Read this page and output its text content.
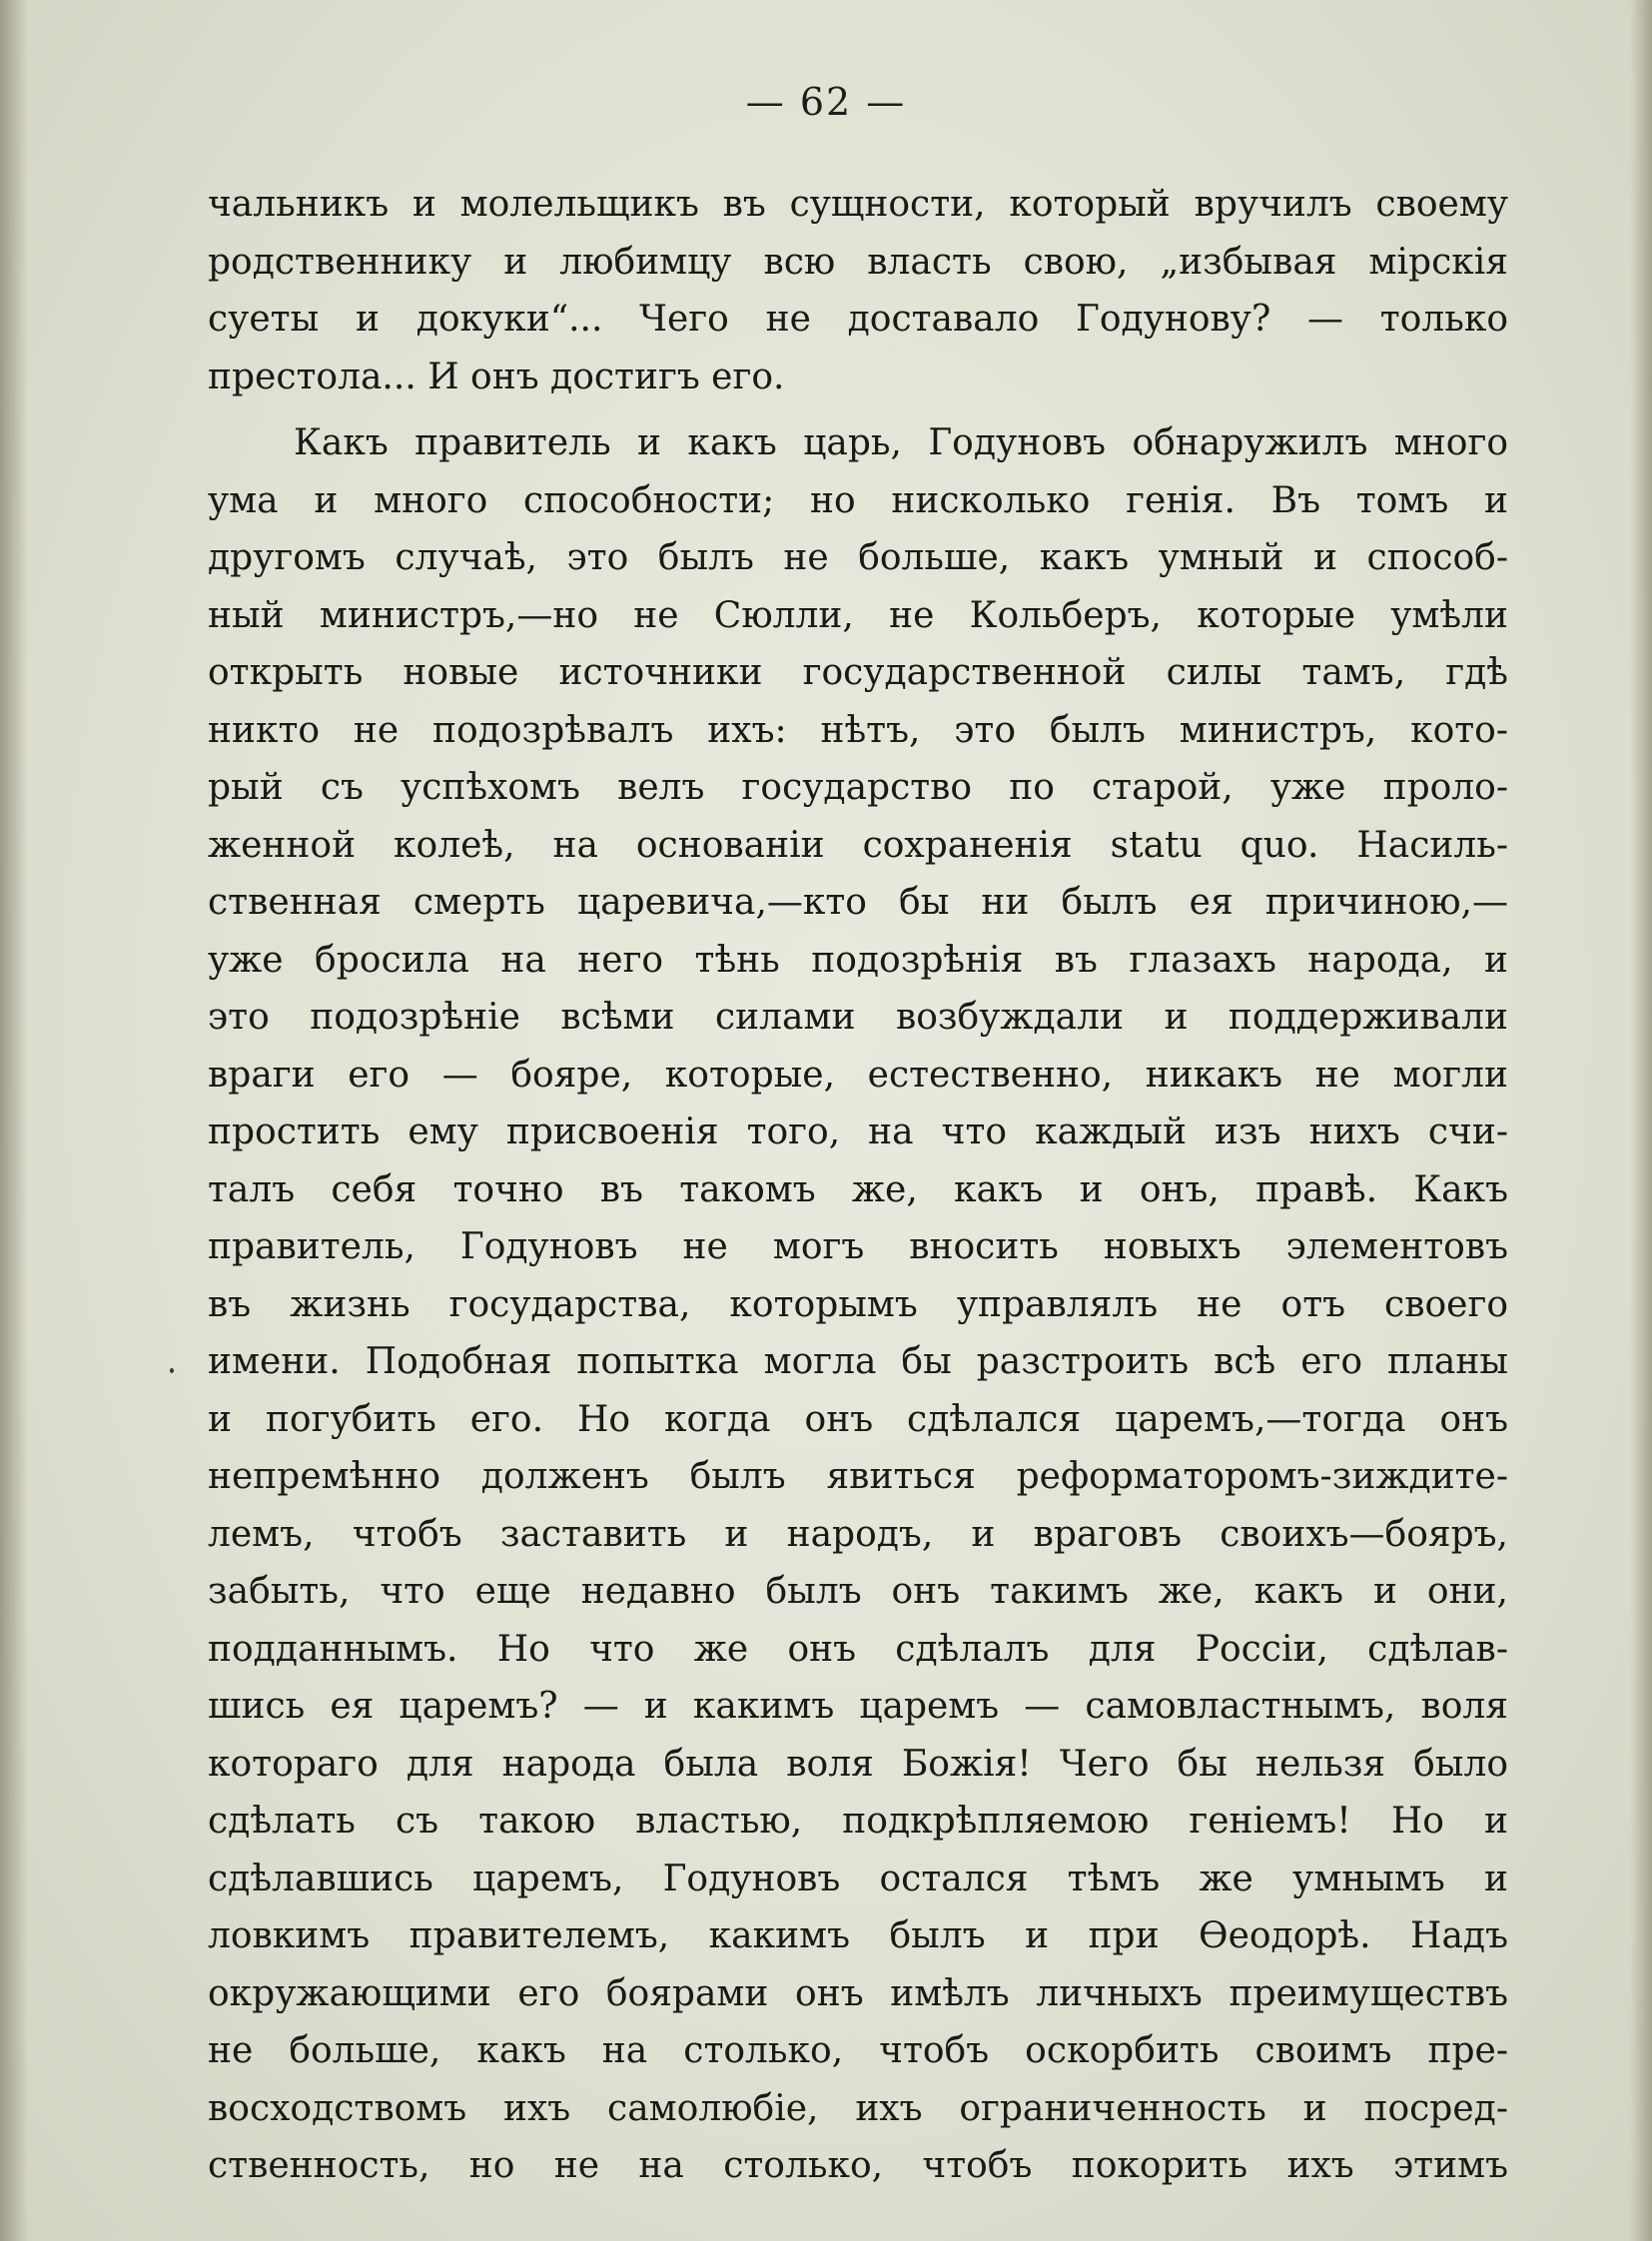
— 62 —
чальникъ и молельщикъ въ сущности, который вручилъ своему
родственнику и любимцу всю власть свою, „избывая мірскія
суеты и докуки“... Чего не доставало Годунову? — только
престола... И онъ достигъ его.
Какъ правитель и какъ царь, Годуновъ обнаружилъ много
ума и много способности; но нисколько генія. Въ томъ и
другомъ случаѣ, это былъ не больше, какъ умный и способ-
ный министръ,—но не Сюлли, не Кольберъ, которые умѣли
открыть новые источники государственной силы тамъ, гдѣ
никто не подозрѣвалъ ихъ: нѣтъ, это былъ министръ, кото-
рый съ успѣхомъ велъ государство по старой, уже проло-
женной колеѣ, на основаніи сохраненія statu quo. Насиль-
ственная смерть царевича,—кто бы ни былъ ея причиною,—
уже бросила на него тѣнь подозрѣнія въ глазахъ народа, и
это подозрѣніе всѣми силами возбуждали и поддерживали
враги его — бояре, которые, естественно, никакъ не могли
простить ему присвоенія того, на что каждый изъ нихъ счи-
талъ себя точно въ такомъ же, какъ и онъ, правѣ. Какъ
правитель, Годуновъ не могъ вносить новыхъ элементовъ
въ жизнь государства, которымъ управлялъ не отъ своего
имени. Подобная попытка могла бы разстроить всѣ его планы
и погубить его. Но когда онъ сдѣлался царемъ,—тогда онъ
непремѣнно долженъ былъ явиться реформаторомъ-зиждите-
лемъ, чтобъ заставить и народъ, и враговъ своихъ—бояръ,
забыть, что еще недавно былъ онъ такимъ же, какъ и они,
подданнымъ. Но что же онъ сдѣлалъ для Россіи, сдѣлав-
шись ея царемъ? — и какимъ царемъ — самовластнымъ, воля
котораго для народа была воля Божія! Чего бы нельзя было
сдѣлать съ такою властью, подкрѣпляемою геніемъ! Но и
сдѣлавшись царемъ, Годуновъ остался тѣмъ же умнымъ и
ловкимъ правителемъ, какимъ былъ и при Өеодорѣ. Надъ
окружающими его боярами онъ имѣлъ личныхъ преимуществъ
не больше, какъ на столько, чтобъ оскорбить своимъ пре-
восходствомъ ихъ самолюбіе, ихъ ограниченность и посред-
ственность, но не на столько, чтобъ покорить ихъ этимъ
